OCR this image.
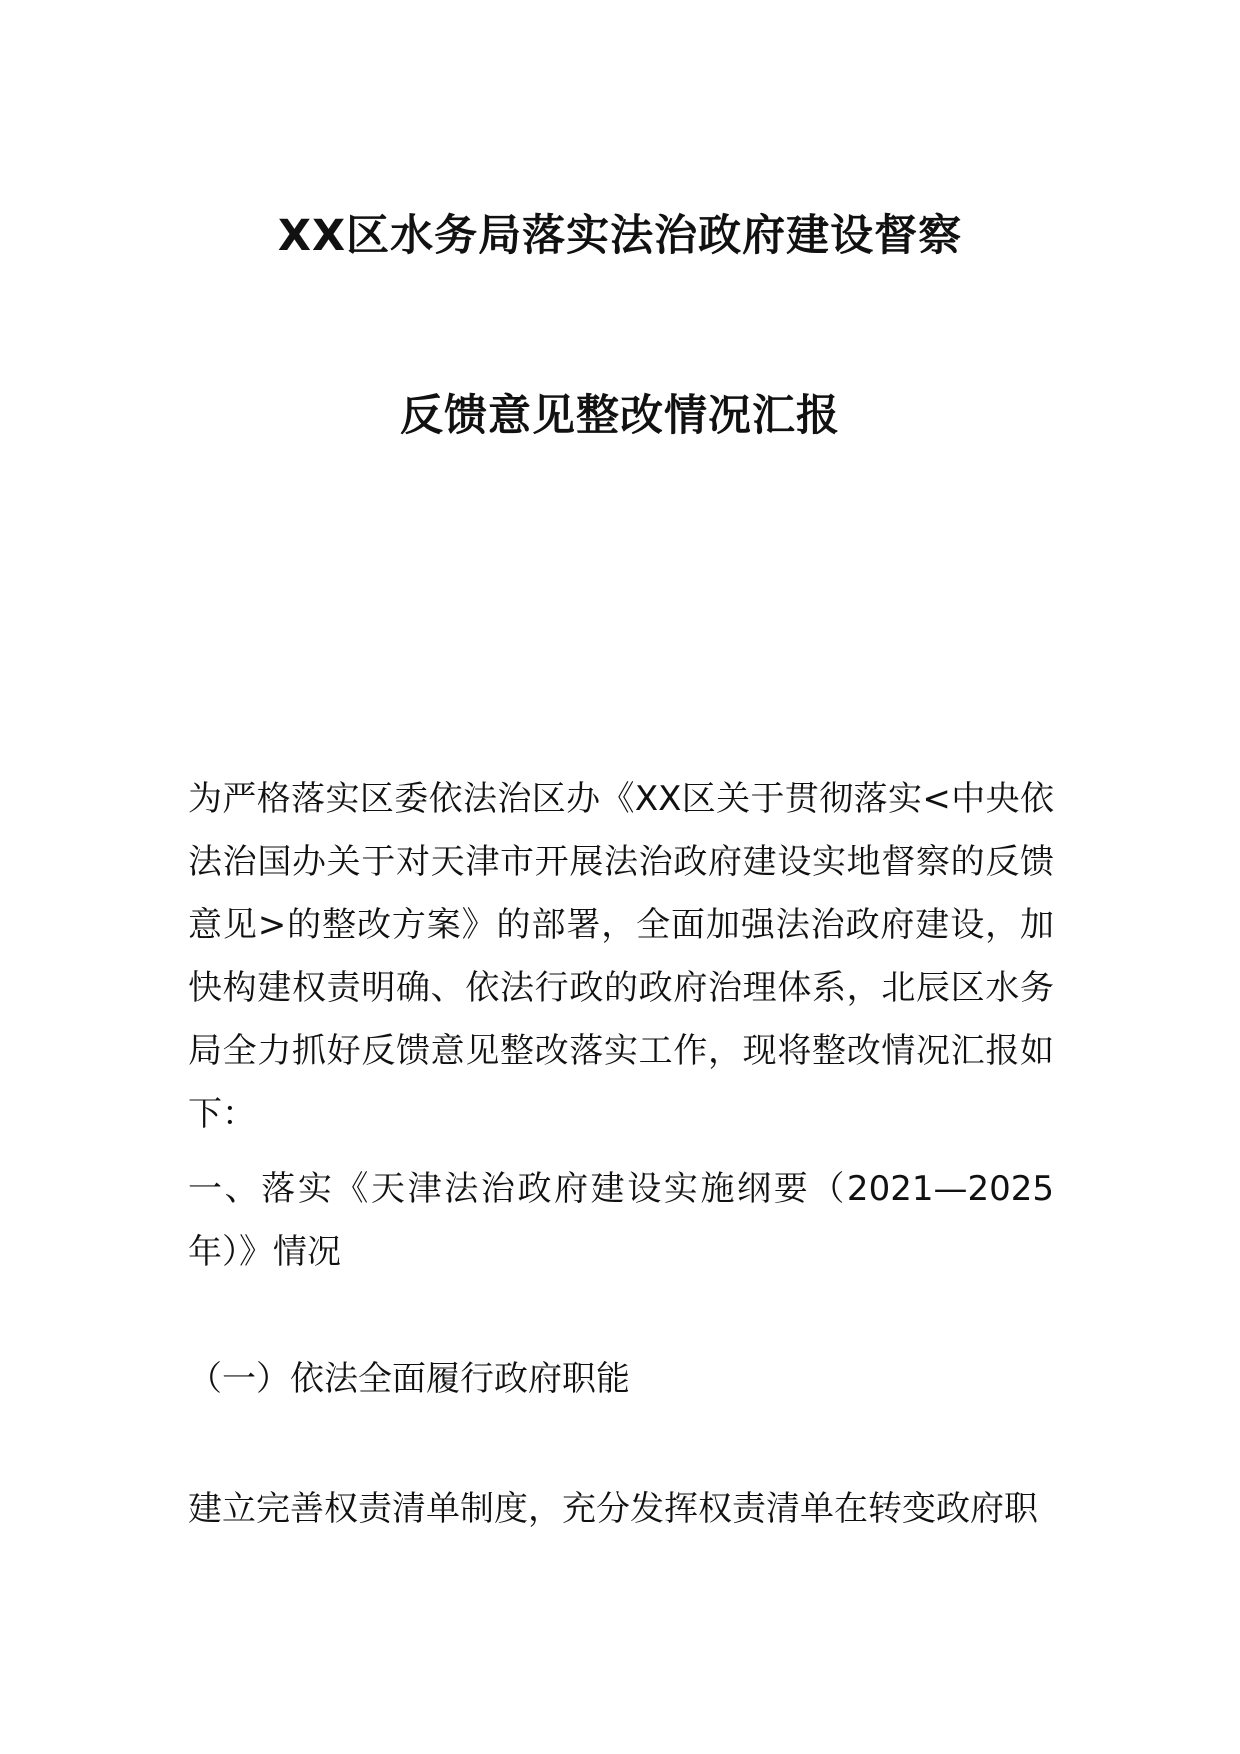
XX区水务局落实法治政府建设督察
反馈意见整改情况汇报

为严格落实区委依法治区办《XX区关于贯彻落实<中央依法治国办关于对天津市开展法治政府建设实地督察的反馈意见>的整改方案》的部署，全面加强法治政府建设，加快构建权责明确、依法行政的政府治理体系，北辰区水务局全力抓好反馈意见整改落实工作，现将整改情况汇报如下：

一、落实《天津法治政府建设实施纲要（2021—2025年）》情况

（一）依法全面履行政府职能

建立完善权责清单制度，充分发挥权责清单在转变政府职
